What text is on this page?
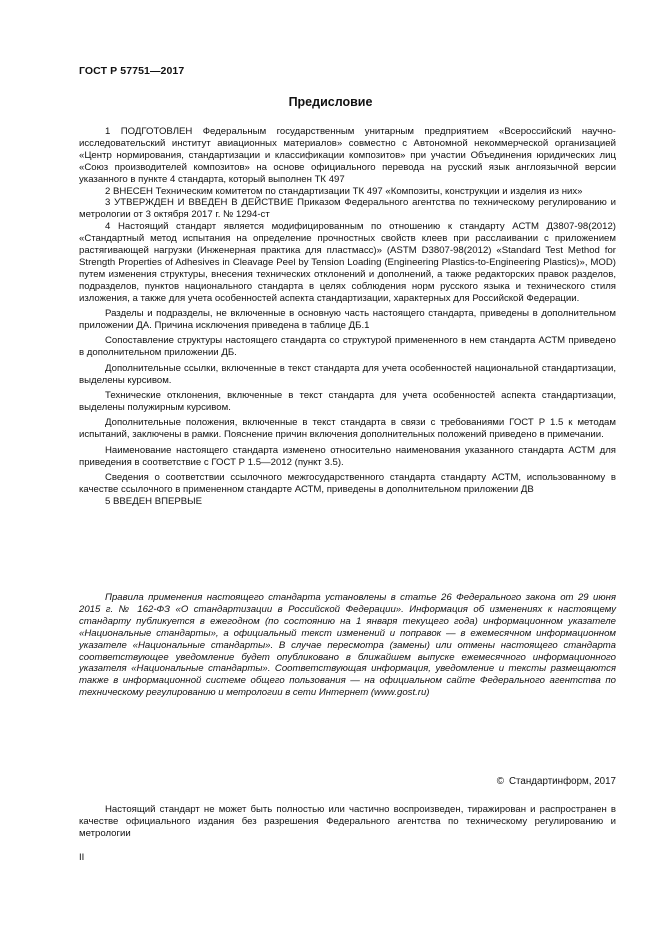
ГОСТ Р 57751—2017
Предисловие

1 ПОДГОТОВЛЕН Федеральным государственным унитарным предприятием «Всероссийский научно-исследовательский институт авиационных материалов» совместно с Автономной некоммерческой организацией «Центр нормирования, стандартизации и классификации композитов» при участии Объединения юридических лиц «Союз производителей композитов» на основе официального перевода на русский язык англоязычной версии указанного в пункте 4 стандарта, который выполнен ТК 497

2 ВНЕСЕН Техническим комитетом по стандартизации ТК 497 «Композиты, конструкции и изделия из них»

3 УТВЕРЖДЕН И ВВЕДЕН В ДЕЙСТВИЕ Приказом Федерального агентства по техническому регулированию и метрологии от 3 октября 2017 г. № 1294-ст

4 Настоящий стандарт является модифицированным по отношению к стандарту АСТМ Д3807-98(2012) «Стандартный метод испытания на определение прочностных свойств клеев при расслаивании с приложением растягивающей нагрузки (Инженерная практика для пластмасс)» (ASTM D3807-98(2012) «Standard Test Method for Strength Properties of Adhesives in Cleavage Peel by Tension Loading (Engineering Plastics-to-Engineering Plastics)», MOD) путем изменения структуры, внесения технических отклонений и дополнений, а также редакторских правок разделов, подразделов, пунктов национального стандарта в целях соблюдения норм русского языка и технического стиля изложения, а также для учета особенностей аспекта стандартизации, характерных для Российской Федерации.

Разделы и подразделы, не включенные в основную часть настоящего стандарта, приведены в дополнительном приложении ДА. Причина исключения приведена в таблице ДБ.1

Сопоставление структуры настоящего стандарта со структурой примененного в нем стандарта АСТМ приведено в дополнительном приложении ДБ.

Дополнительные ссылки, включенные в текст стандарта для учета особенностей национальной стандартизации, выделены курсивом.

Технические отклонения, включенные в текст стандарта для учета особенностей аспекта стандартизации, выделены полужирным курсивом.

Дополнительные положения, включенные в текст стандарта в связи с требованиями ГОСТ Р 1.5 к методам испытаний, заключены в рамки. Пояснение причин включения дополнительных положений приведено в примечании.

Наименование настоящего стандарта изменено относительно наименования указанного стандарта АСТМ для приведения в соответствие с ГОСТ Р 1.5—2012 (пункт 3.5).

Сведения о соответствии ссылочного межгосударственного стандарта стандарту АСТМ, использованному в качестве ссылочного в примененном стандарте АСТМ, приведены в дополнительном приложении ДВ

5 ВВЕДЕН ВПЕРВЫЕ

Правила применения настоящего стандарта установлены в статье 26 Федерального закона от 29 июня 2015 г. № 162-ФЗ «О стандартизации в Российской Федерации». Информация об изменениях к настоящему стандарту публикуется в ежегодном (по состоянию на 1 января текущего года) информационном указателе «Национальные стандарты», а официальный текст изменений и поправок — в ежемесячном информационном указателе «Национальные стандарты». В случае пересмотра (замены) или отмены настоящего стандарта соответствующее уведомление будет опубликовано в ближайшем выпуске ежемесячного информационного указателя «Национальные стандарты». Соответствующая информация, уведомление и тексты размещаются также в информационной системе общего пользования — на официальном сайте Федерального агентства по техническому регулированию и метрологии в сети Интернет (www.gost.ru)

© Стандартинформ, 2017

Настоящий стандарт не может быть полностью или частично воспроизведен, тиражирован и распространен в качестве официального издания без разрешения Федерального агентства по техническому регулированию и метрологии

II
